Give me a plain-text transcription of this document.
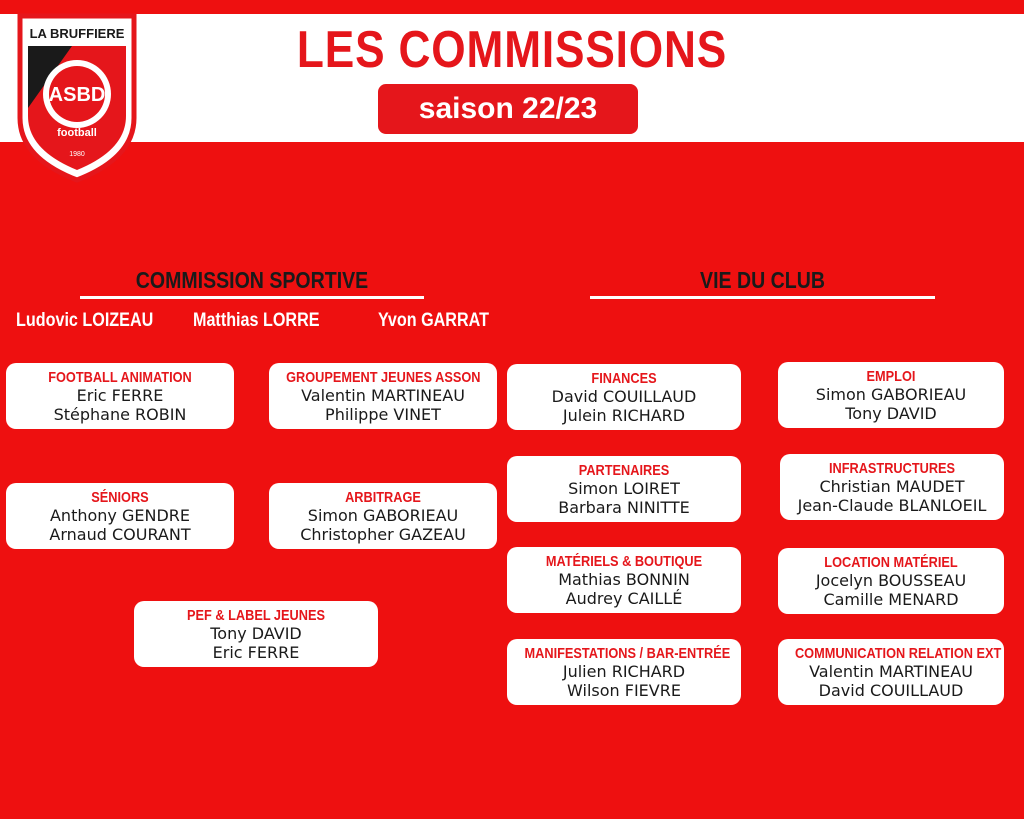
LA BRUFFIERE
ASBD
football
1980
LES COMMISSIONS
saison 22/23
COMMISSION SPORTIVE
Ludovic LOIZEAU Matthias LORRE	Yvon GARRAT
FOOTBALL ANIMATION
Eric FERRE
Stéphane ROBIN
GROUPEMENT JEUNES ASSON
Valentin MARTINEAU
Philippe VINET
SÉNIORS
Anthony GENDRE
Arnaud COURANT
ARBITRAGE
Simon GABORIEAU
Christopher GAZEAU
PEF & LABEL JEUNES
Tony DAVID
Eric FERRE
VIE DU CLUB
FINANCES
David COUILLAUD
Julein RICHARD
EMPLOI
Simon GABORIEAU
Tony DAVID
PARTENAIRES
Simon LOIRET
Barbara NINITTE
INFRASTRUCTURES
Christian MAUDET
Jean-Claude BLANLOEIL
MATÉRIELS & BOUTIQUE
Mathias BONNIN
Audrey CAILLÉ
LOCATION MATÉRIEL
Jocelyn BOUSSEAU
Camille MENARD
MANIFESTATIONS / BAR-ENTRÉE
Julien RICHARD
Wilson FIEVRE
COMMUNICATION RELATION EXT
Valentin MARTINEAU
David COUILLAUD
